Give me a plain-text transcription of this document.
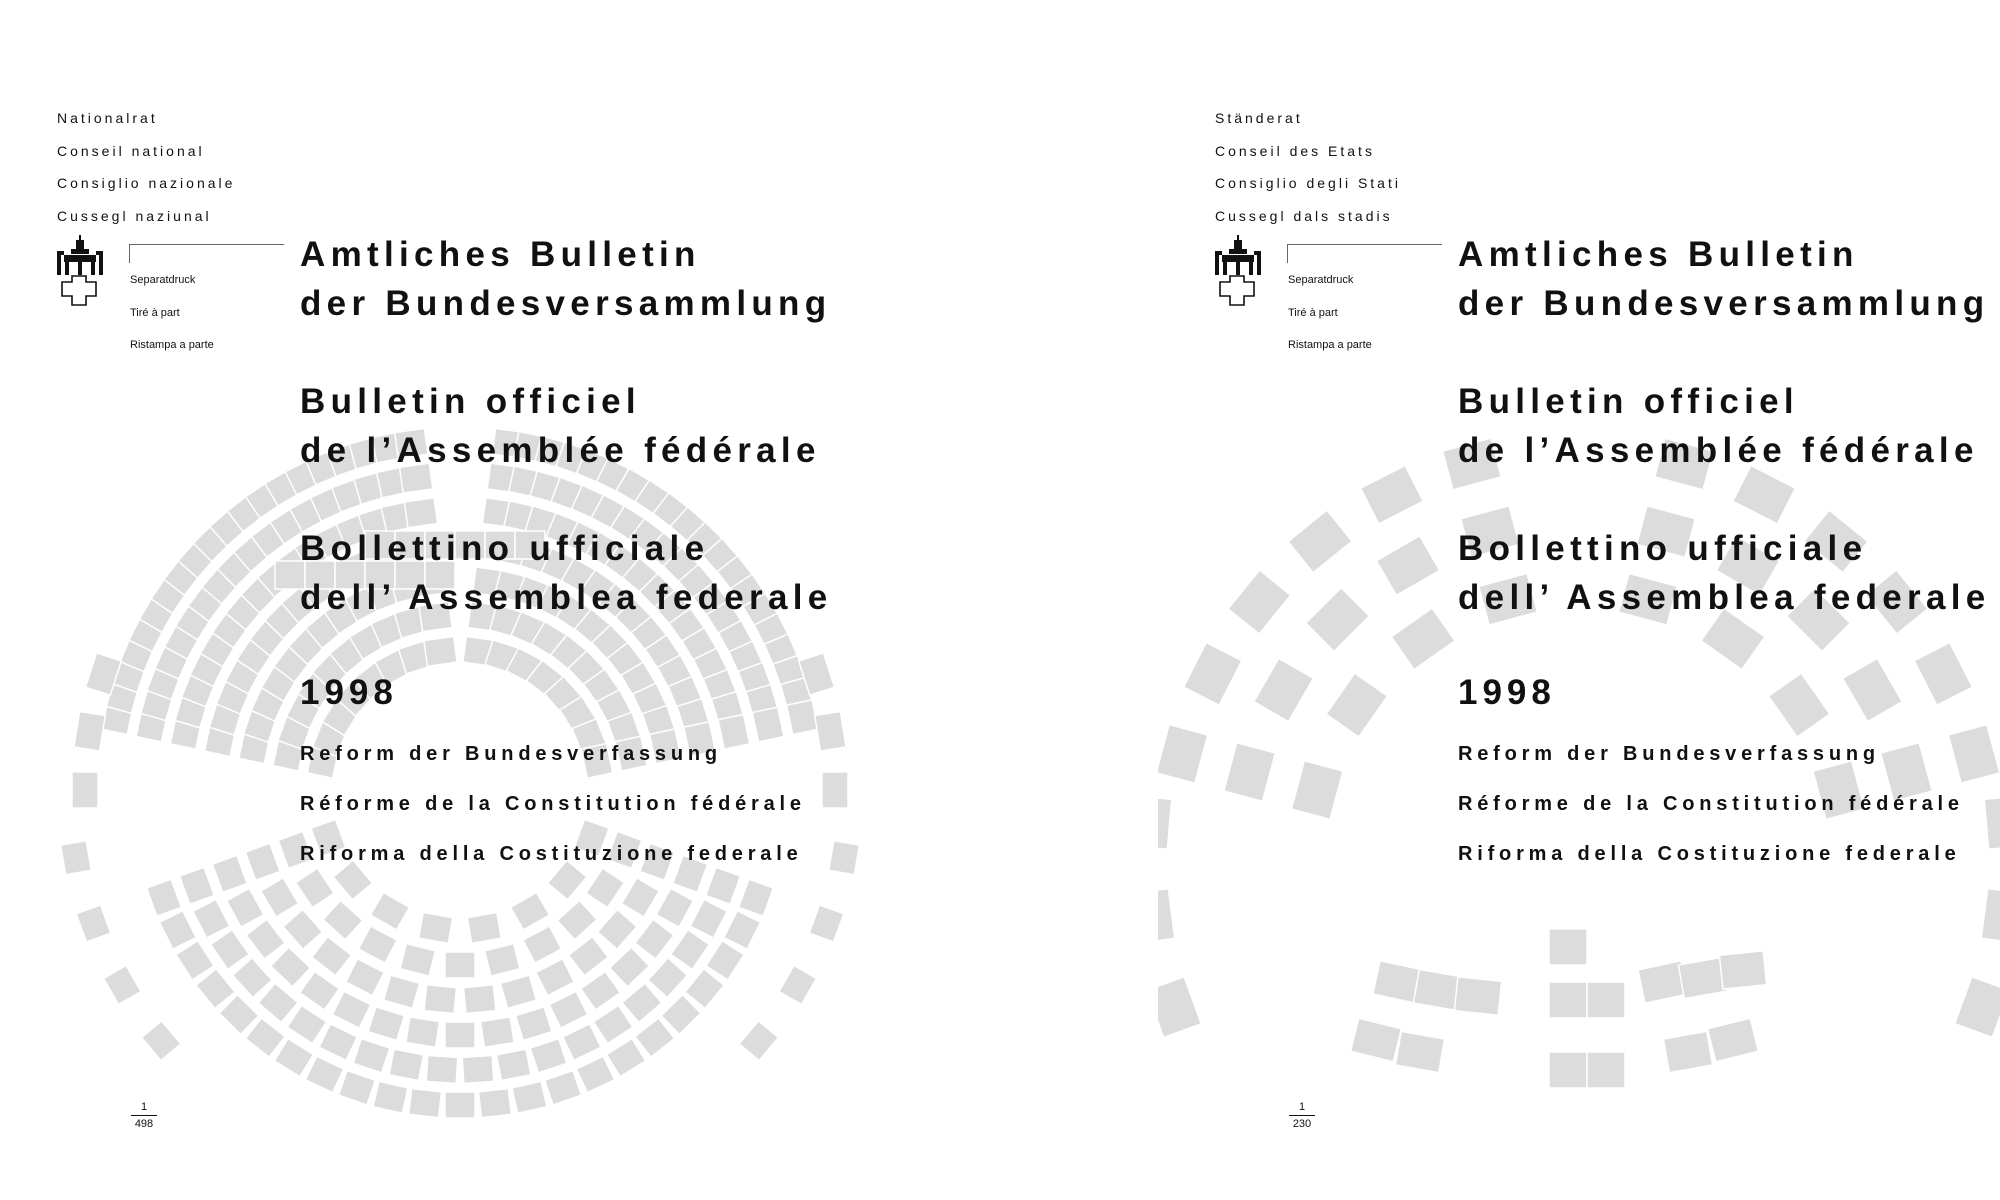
Nationalrat
Conseil national
Consiglio nazionale
Cussegl naziunal
Separatdruck
Tiré à part
Ristampa a parte
Amtliches Bulletin
der Bundesversammlung
Bulletin officiel
de l’Assemblée fédérale
Bollettino ufficiale
dell’ Assemblea federale
1998
Reform der Bundesverfassung
Réforme de la Constitution fédérale
Riforma della Costituzione federale
1
498
Ständerat
Conseil des Etats
Consiglio degli Stati
Cussegl dals stadis
Separatdruck
Tiré à part
Ristampa a parte
Amtliches Bulletin
der Bundesversammlung
Bulletin officiel
de l’Assemblée fédérale
Bollettino ufficiale
dell’ Assemblea federale
1998
Reform der Bundesverfassung
Réforme de la Constitution fédérale
Riforma della Costituzione federale
1
230
